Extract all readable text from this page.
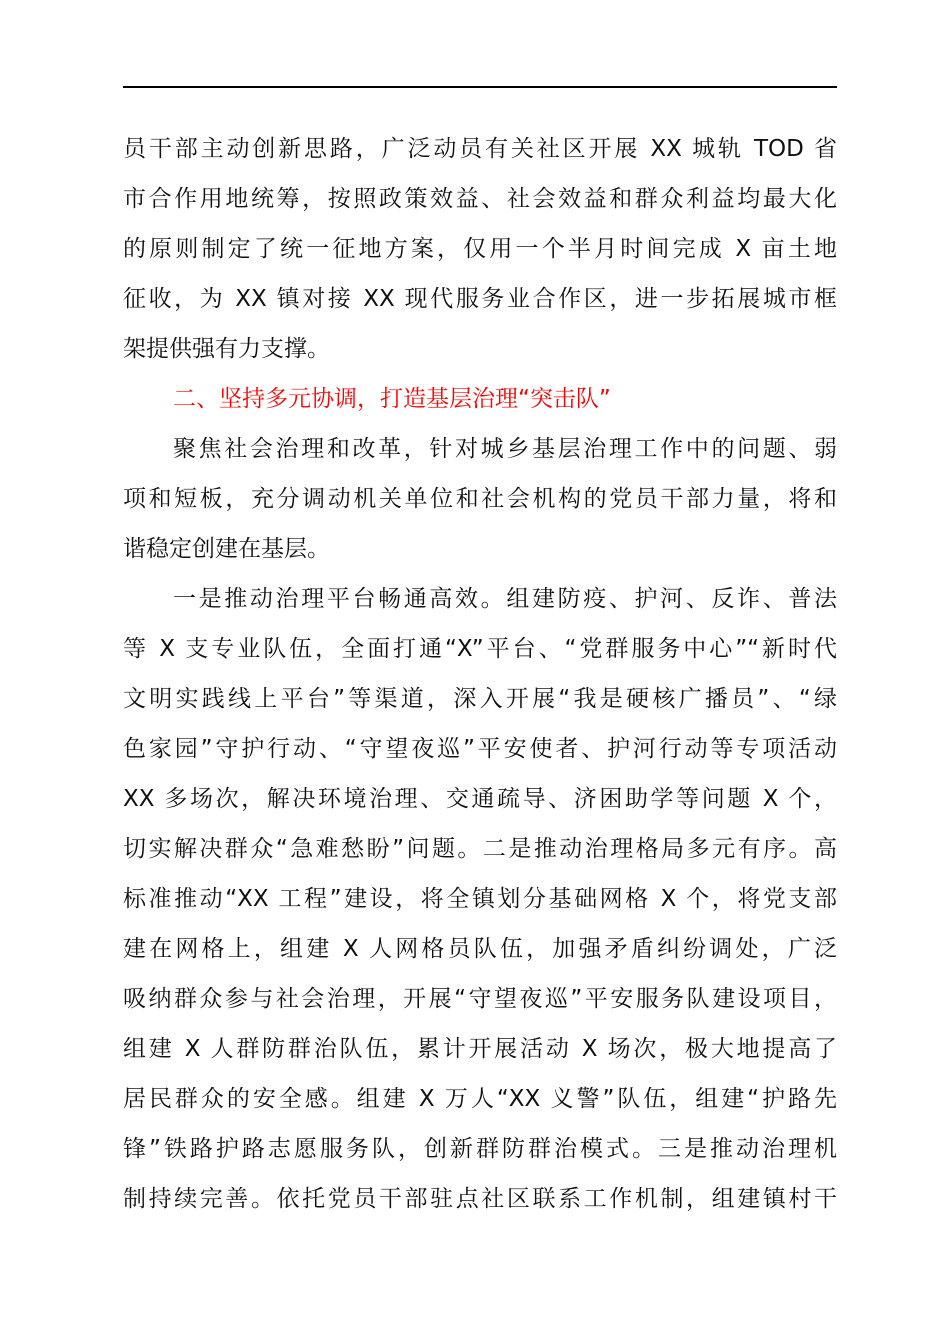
员干部主动创新思路，广泛动员有关社区开展 XX 城轨 TOD 省
市合作用地统筹，按照政策效益、社会效益和群众利益均最大化
的原则制定了统一征地方案，仅用一个半月时间完成 X 亩土地
征收，为 XX 镇对接 XX 现代服务业合作区，进一步拓展城市框
架提供强有力支撑。
二、坚持多元协调，打造基层治理“突击队”
聚焦社会治理和改革，针对城乡基层治理工作中的问题、弱
项和短板，充分调动机关单位和社会机构的党员干部力量，将和
谐稳定创建在基层。
一是推动治理平台畅通高效。组建防疫、护河、反诈、普法
等 X 支专业队伍，全面打通“X”平台、“党群服务中心”“新时代
文明实践线上平台”等渠道，深入开展“我是硬核广播员”、“绿
色家园”守护行动、“守望夜巡”平安使者、护河行动等专项活动
XX 多场次，解决环境治理、交通疏导、济困助学等问题 X 个，
切实解决群众“急难愁盼”问题。二是推动治理格局多元有序。高
标准推动“XX 工程”建设，将全镇划分基础网格 X 个，将党支部
建在网格上，组建 X 人网格员队伍，加强矛盾纠纷调处，广泛
吸纳群众参与社会治理，开展“守望夜巡”平安服务队建设项目，
组建 X 人群防群治队伍，累计开展活动 X 场次，极大地提高了
居民群众的安全感。组建 X 万人“XX 义警”队伍，组建“护路先
锋”铁路护路志愿服务队，创新群防群治模式。三是推动治理机
制持续完善。依托党员干部驻点社区联系工作机制，组建镇村干
